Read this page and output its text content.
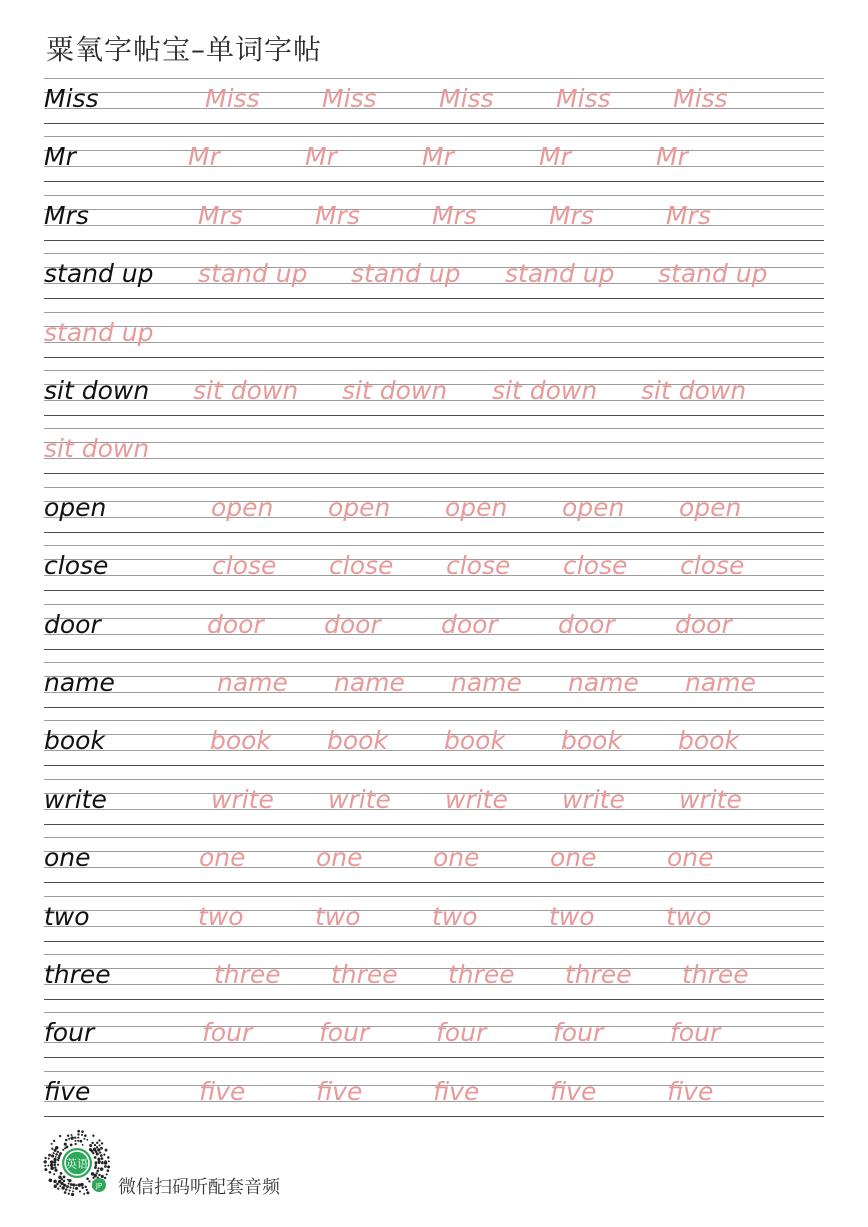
粟氧字帖宝–单词字帖
Miss	Miss Miss Miss Miss Miss
Mr	Mr	Mr	Mr	Mr	Mr
Mrs	Mrs	Mrs	Mrs	Mrs	Mrs
stand up stand up stand up stand up stand up
stand up
sit down sit down sit down sit down sit down
sit down
open	open open open open open
close	close close close close close
door	door door door door door
name	name name name name name
book	book book book book book
write	write write write write write
one	one	one	one	one	one
two	two	two	two	two	two
three	three three three three three
four	four	four	four	four	four
five	five	five	five	five	five
英语
JP 微信扫码听配套音频
